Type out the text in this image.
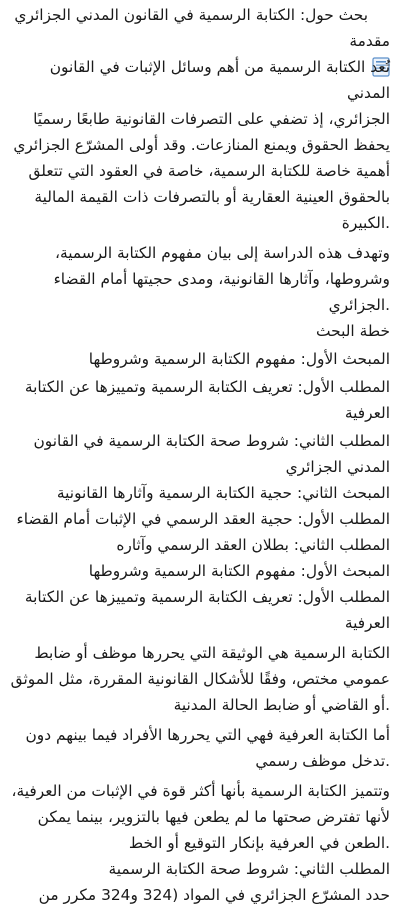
بحث حول: الكتابة الرسمية في القانون المدني الجزائري
مقدمة
تُعد الكتابة الرسمية من أهم وسائل الإثبات في القانون المدني
الجزائري، إذ تضفي على التصرفات القانونية طابعًا رسميًا
يحفظ الحقوق ويمنع المنازعات. وقد أولى المشرّع الجزائري
أهمية خاصة للكتابة الرسمية، خاصة في العقود التي تتعلق
بالحقوق العينية العقارية أو بالتصرفات ذات القيمة المالية
.الكبيرة
وتهدف هذه الدراسة إلى بيان مفهوم الكتابة الرسمية،
وشروطها، وآثارها القانونية، ومدى حجيتها أمام القضاء
.الجزائري
خطة البحث
المبحث الأول: مفهوم الكتابة الرسمية وشروطها
المطلب الأول: تعريف الكتابة الرسمية وتمييزها عن الكتابة
العرفية
المطلب الثاني: شروط صحة الكتابة الرسمية في القانون
المدني الجزائري
المبحث الثاني: حجية الكتابة الرسمية وآثارها القانونية
المطلب الأول: حجية العقد الرسمي في الإثبات أمام القضاء
المطلب الثاني: بطلان العقد الرسمي وآثاره
المبحث الأول: مفهوم الكتابة الرسمية وشروطها
المطلب الأول: تعريف الكتابة الرسمية وتمييزها عن الكتابة
العرفية
الكتابة الرسمية هي الوثيقة التي يحررها موظف أو ضابط
عمومي مختص، وفقًا للأشكال القانونية المقررة، مثل الموثق
.أو القاضي أو ضابط الحالة المدنية
أما الكتابة العرفية فهي التي يحررها الأفراد فيما بينهم دون
.تدخل موظف رسمي
وتتميز الكتابة الرسمية بأنها أكثر قوة في الإثبات من العرفية،
لأنها تفترض صحتها ما لم يطعن فيها بالتزوير، بينما يمكن
.الطعن في العرفية بإنكار التوقيع أو الخط
المطلب الثاني: شروط صحة الكتابة الرسمية
حدد المشرّع الجزائري في المواد (324 و324 مكرر من
